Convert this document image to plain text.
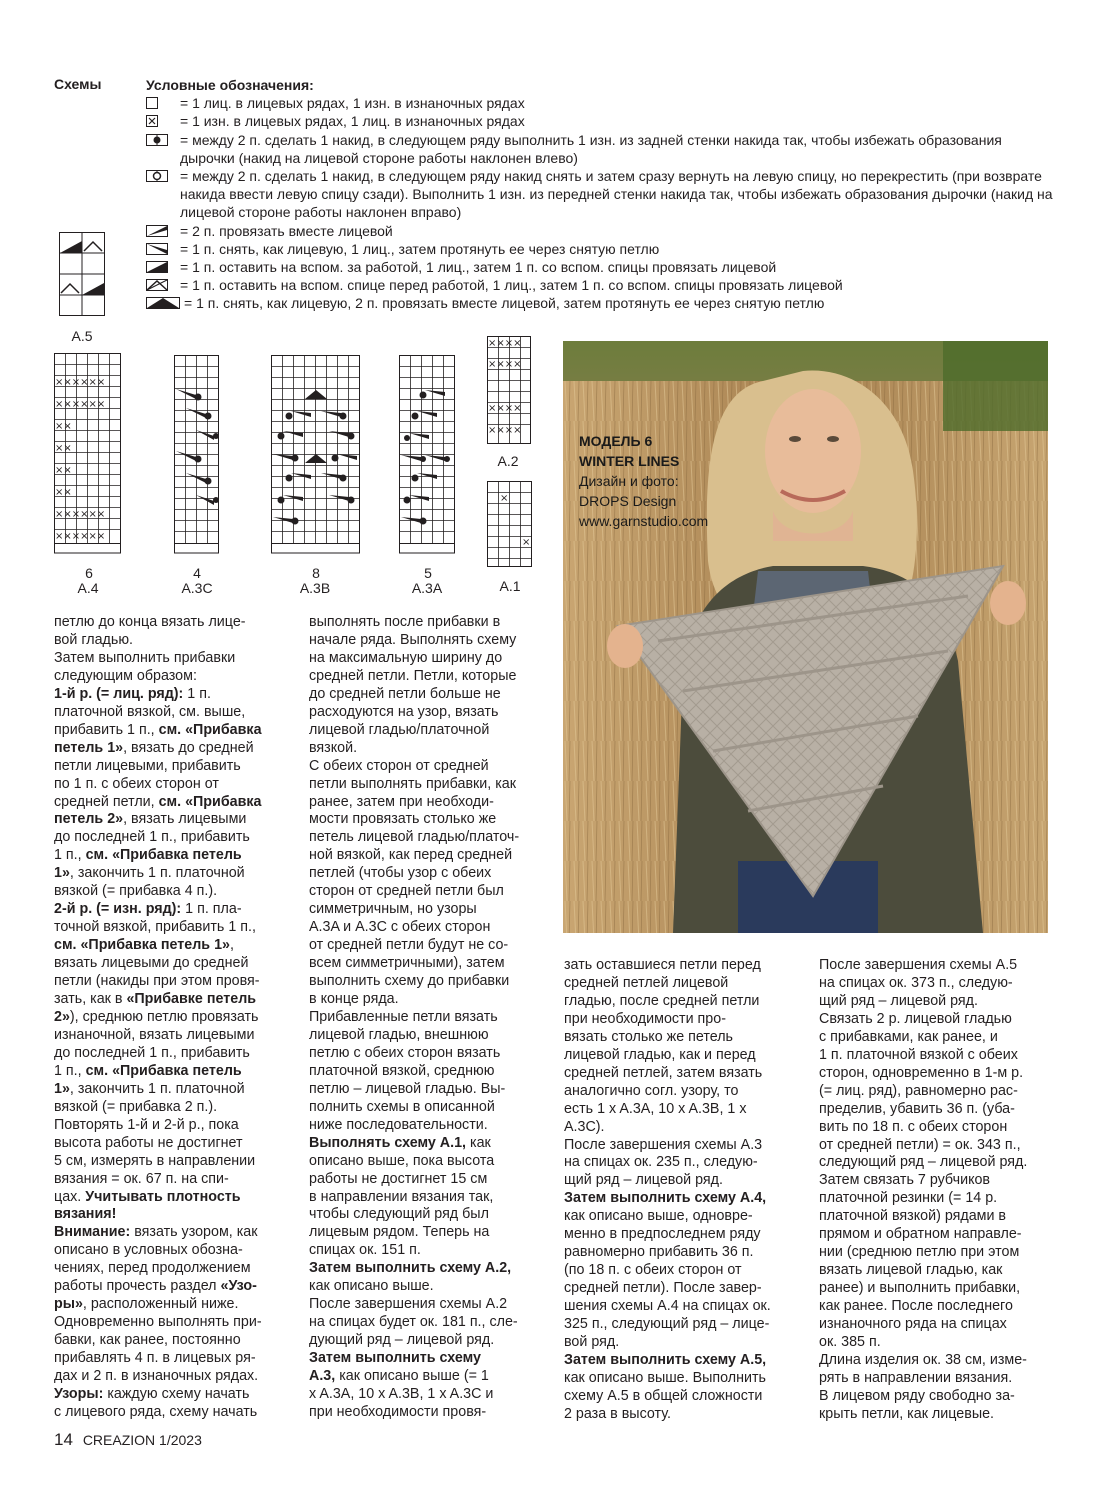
Схемы	Условные обозначения:
= 1 лиц. в лицевых рядах, 1 изн. в изнаночных рядах
= 1 изн. в лицевых рядах, 1 лиц. в изнаночных рядах
= между 2 п. сделать 1 накид, в следующем ряду выполнить 1 изн. из задней стенки накида так, чтобы избежать образования дырочки (накид на лицевой стороне работы наклонен влево)
= между 2 п. сделать 1 накид, в следующем ряду накид снять и затем сразу вернуть на левую спицу, но перекрестить (при возврате накида ввести левую спицу сзади). Выполнить 1 изн. из передней стенки накида так, чтобы избежать образования дырочки (накид на лицевой стороне работы наклонен вправо)
= 2 п. провязать вместе лицевой
= 1 п. снять, как лицевую, 1 лиц., затем протянуть ее через снятую петлю
= 1 п. оставить на вспом. за работой, 1 лиц., затем 1 п. со вспом. спицы провязать лицевой
= 1 п. оставить на вспом. спице перед работой, 1 лиц., затем 1 п. со вспом. спицы провязать лицевой
= 1 п. снять, как лицевую, 2 п. провязать вместе лицевой, затем протянуть ее через снятую петлю
A.5
××××××
××××××
××
××
××
××
××××××
××××××
6
A.4
4
A.3C
8
A.3B
5
A.3A
××××
××××
××××
××××
A.2
×
×
A.1
МОДЕЛЬ 6
WINTER LINES
Дизайн и фото:
DROPS Design
www.garnstudio.com

петлю до конца вязать лице-

вой гладью.

Затем выполнить прибавки

следующим образом:

1-й р. (= лиц. ряд): 1 п.

платочной вязкой, см. выше,

прибавить 1 п., см. «Прибавка

петель 1», вязать до средней

петли лицевыми, прибавить

по 1 п. с обеих сторон от

средней петли, см. «Прибавка

петель 2», вязать лицевыми

до последней 1 п., прибавить

1 п., см. «Прибавка петель

1», закончить 1 п. платочной

вязкой (= прибавка 4 п.).

2-й р. (= изн. ряд): 1 п. пла-

точной вязкой, прибавить 1 п.,

см. «Прибавка петель 1»,

вязать лицевыми до средней

петли (накиды при этом провя-

зать, как в «Прибавке петель

2»), среднюю петлю провязать

изнаночной, вязать лицевыми

до последней 1 п., прибавить

1 п., см. «Прибавка петель

1», закончить 1 п. платочной

вязкой (= прибавка 2 п.).

Повторять 1-й и 2-й р., пока

высота работы не достигнет

5 см, измерять в направлении

вязания = ок. 67 п. на спи-

цах. Учитывать плотность

вязания!

Внимание: вязать узором, как

описано в условных обозна-

чениях, перед продолжением

работы прочесть раздел «Узо-

ры», расположенный ниже.

Одновременно выполнять при-

бавки, как ранее, постоянно

прибавлять 4 п. в лицевых ря-

дах и 2 п. в изнаночных рядах.

Узоры: каждую схему начать

с лицевого ряда, схему начать

выполнять после прибавки в

начале ряда. Выполнять схему

на максимальную ширину до

средней петли. Петли, которые

до средней петли больше не

расходуются на узор, вязать

лицевой гладью/платочной

вязкой.

С обеих сторон от средней

петли выполнять прибавки, как

ранее, затем при необходи-

мости провязать столько же

петель лицевой гладью/платоч-

ной вязкой, как перед средней

петлей (чтобы узор с обеих

сторон от средней петли был

симметричным, но узоры

A.3A и A.3C с обеих сторон

от средней петли будут не со-

всем симметричными), затем

выполнить схему до прибавки

в конце ряда.

Прибавленные петли вязать

лицевой гладью, внешнюю

петлю с обеих сторон вязать

платочной вязкой, среднюю

петлю – лицевой гладью. Вы-

полнить схемы в описанной

ниже последовательности.

Выполнять схему A.1, как

описано выше, пока высота

работы не достигнет 15 см

в направлении вязания так,

чтобы следующий ряд был

лицевым рядом. Теперь на

спицах ок. 151 п.

Затем выполнить схему A.2,

как описано выше.

После завершения схемы A.2

на спицах будет ок. 181 п., сле-

дующий ряд – лицевой ряд.

Затем выполнить схему

A.3, как описано выше (= 1

x A.3A, 10 x A.3B, 1 x A.3C и

при необходимости провя-

зать оставшиеся петли перед

средней петлей лицевой

гладью, после средней петли

при необходимости про-

вязать столько же петель

лицевой гладью, как и перед

средней петлей, затем вязать

аналогично согл. узору, то

есть 1 x A.3A, 10 x A.3B, 1 x

A.3C).

После завершения схемы A.3

на спицах ок. 235 п., следую-

щий ряд – лицевой ряд.

Затем выполнить схему A.4,

как описано выше, одновре-

менно в предпоследнем ряду

равномерно прибавить 36 п.

(по 18 п. с обеих сторон от

средней петли). После завер-

шения схемы A.4 на спицах ок.

325 п., следующий ряд – лице-

вой ряд.

Затем выполнить схему A.5,

как описано выше. Выполнить

схему A.5 в общей сложности

2 раза в высоту.

После завершения схемы A.5

на спицах ок. 373 п., следую-

щий ряд – лицевой ряд.

Связать 2 р. лицевой гладью

с прибавками, как ранее, и

1 п. платочной вязкой с обеих

сторон, одновременно в 1-м р.

(= лиц. ряд), равномерно рас-

пределив, убавить 36 п. (уба-

вить по 18 п. с обеих сторон

от средней петли) = ок. 343 п.,

следующий ряд – лицевой ряд.

Затем связать 7 рубчиков

платочной резинки (= 14 р.

платочной вязкой) рядами в

прямом и обратном направле-

нии (среднюю петлю при этом

вязать лицевой гладью, как

ранее) и выполнить прибавки,

как ранее. После последнего

изнаночного ряда на спицах

ок. 385 п.

Длина изделия ок. 38 см, изме-

рять в направлении вязания.

В лицевом ряду свободно за-

крыть петли, как лицевые.

14 CREAZION 1/2023
